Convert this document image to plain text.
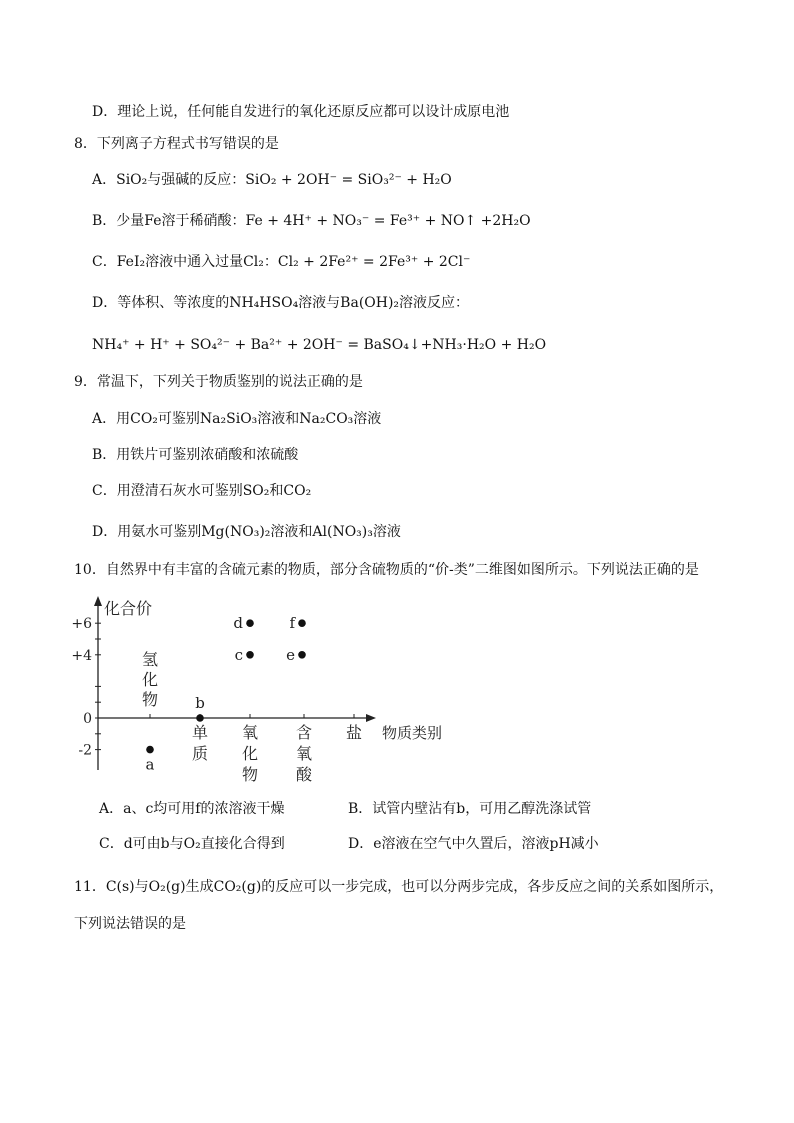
D．理论上说，任何能自发进行的氧化还原反应都可以设计成原电池
8．下列离子方程式书写错误的是
A．SiO₂与强碱的反应：SiO₂ + 2OH⁻ = SiO₃²⁻ + H₂O
B．少量Fe溶于稀硝酸：Fe + 4H⁺ + NO₃⁻ = Fe³⁺ + NO↑ +2H₂O
C．FeI₂溶液中通入过量Cl₂：Cl₂ + 2Fe²⁺ = 2Fe³⁺ + 2Cl⁻
D．等体积、等浓度的NH₄HSO₄溶液与Ba(OH)₂溶液反应：
NH₄⁺ + H⁺ + SO₄²⁻ + Ba²⁺ + 2OH⁻ = BaSO₄↓+NH₃·H₂O + H₂O
9．常温下，下列关于物质鉴别的说法正确的是
A．用CO₂可鉴别Na₂SiO₃溶液和Na₂CO₃溶液
B．用铁片可鉴别浓硝酸和浓硫酸
C．用澄清石灰水可鉴别SO₂和CO₂
D．用氨水可鉴别Mg(NO₃)₂溶液和Al(NO₃)₃溶液
10．自然界中有丰富的含硫元素的物质，部分含硫物质的“价-类”二维图如图所示。下列说法正确的是
化合价
物质类别
+6
+4
0
-2
氢
化
物
单
质
氧
化
物
含
氧
酸
盐
a
b
c
d
e
f
A．a、c均可用f的浓溶液干燥	B．试管内壁沾有b，可用乙醇洗涤试管
C．d可由b与O₂直接化合得到	D．e溶液在空气中久置后，溶液pH减小
11．C(s)与O₂(g)生成CO₂(g)的反应可以一步完成，也可以分两步完成，各步反应之间的关系如图所示，
下列说法错误的是
